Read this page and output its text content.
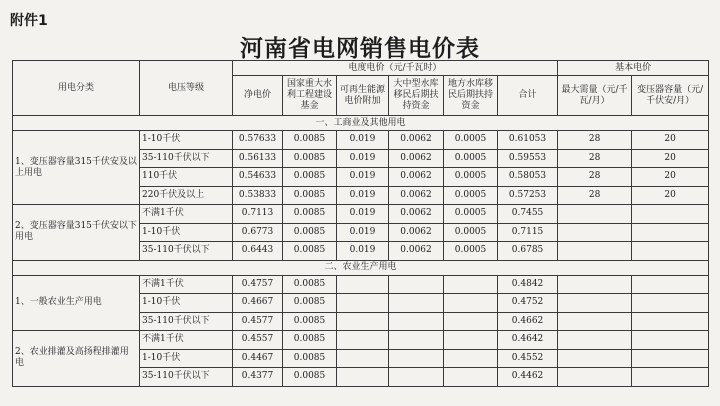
附件1
河南省电网销售电价表
用电分类	电压等级	电度电价（元/千瓦时）						基本电价	
		净电价	国家重大水利工程建设基金	可再生能源电价附加	大中型水库移民后期扶持资金	地方水库移民后期扶持资金	合计	最大需量（元/千瓦/月）	变压器容量（元/千伏安/月）
一、工商业及其他用电									
1、变压器容量315千伏安及以上用电	1-10千伏	0.57633	0.0085	0.019	0.0062	0.0005	0.61053	28	20
	35-110千伏以下	0.56133	0.0085	0.019	0.0062	0.0005	0.59553	28	20
	110千伏	0.54633	0.0085	0.019	0.0062	0.0005	0.58053	28	20
	220千伏及以上	0.53833	0.0085	0.019	0.0062	0.0005	0.57253	28	20
2、变压器容量315千伏安以下用电	不满1千伏	0.7113	0.0085	0.019	0.0062	0.0005	0.7455		
	1-10千伏	0.6773	0.0085	0.019	0.0062	0.0005	0.7115		
	35-110千伏以下	0.6443	0.0085	0.019	0.0062	0.0005	0.6785		
二、农业生产用电									
1、一般农业生产用电	不满1千伏	0.4757	0.0085				0.4842		
	1-10千伏	0.4667	0.0085				0.4752		
	35-110千伏以下	0.4577	0.0085				0.4662		
2、农业排灌及高扬程排灌用电	不满1千伏	0.4557	0.0085				0.4642		
	1-10千伏	0.4467	0.0085				0.4552		
	35-110千伏以下	0.4377	0.0085				0.4462		
